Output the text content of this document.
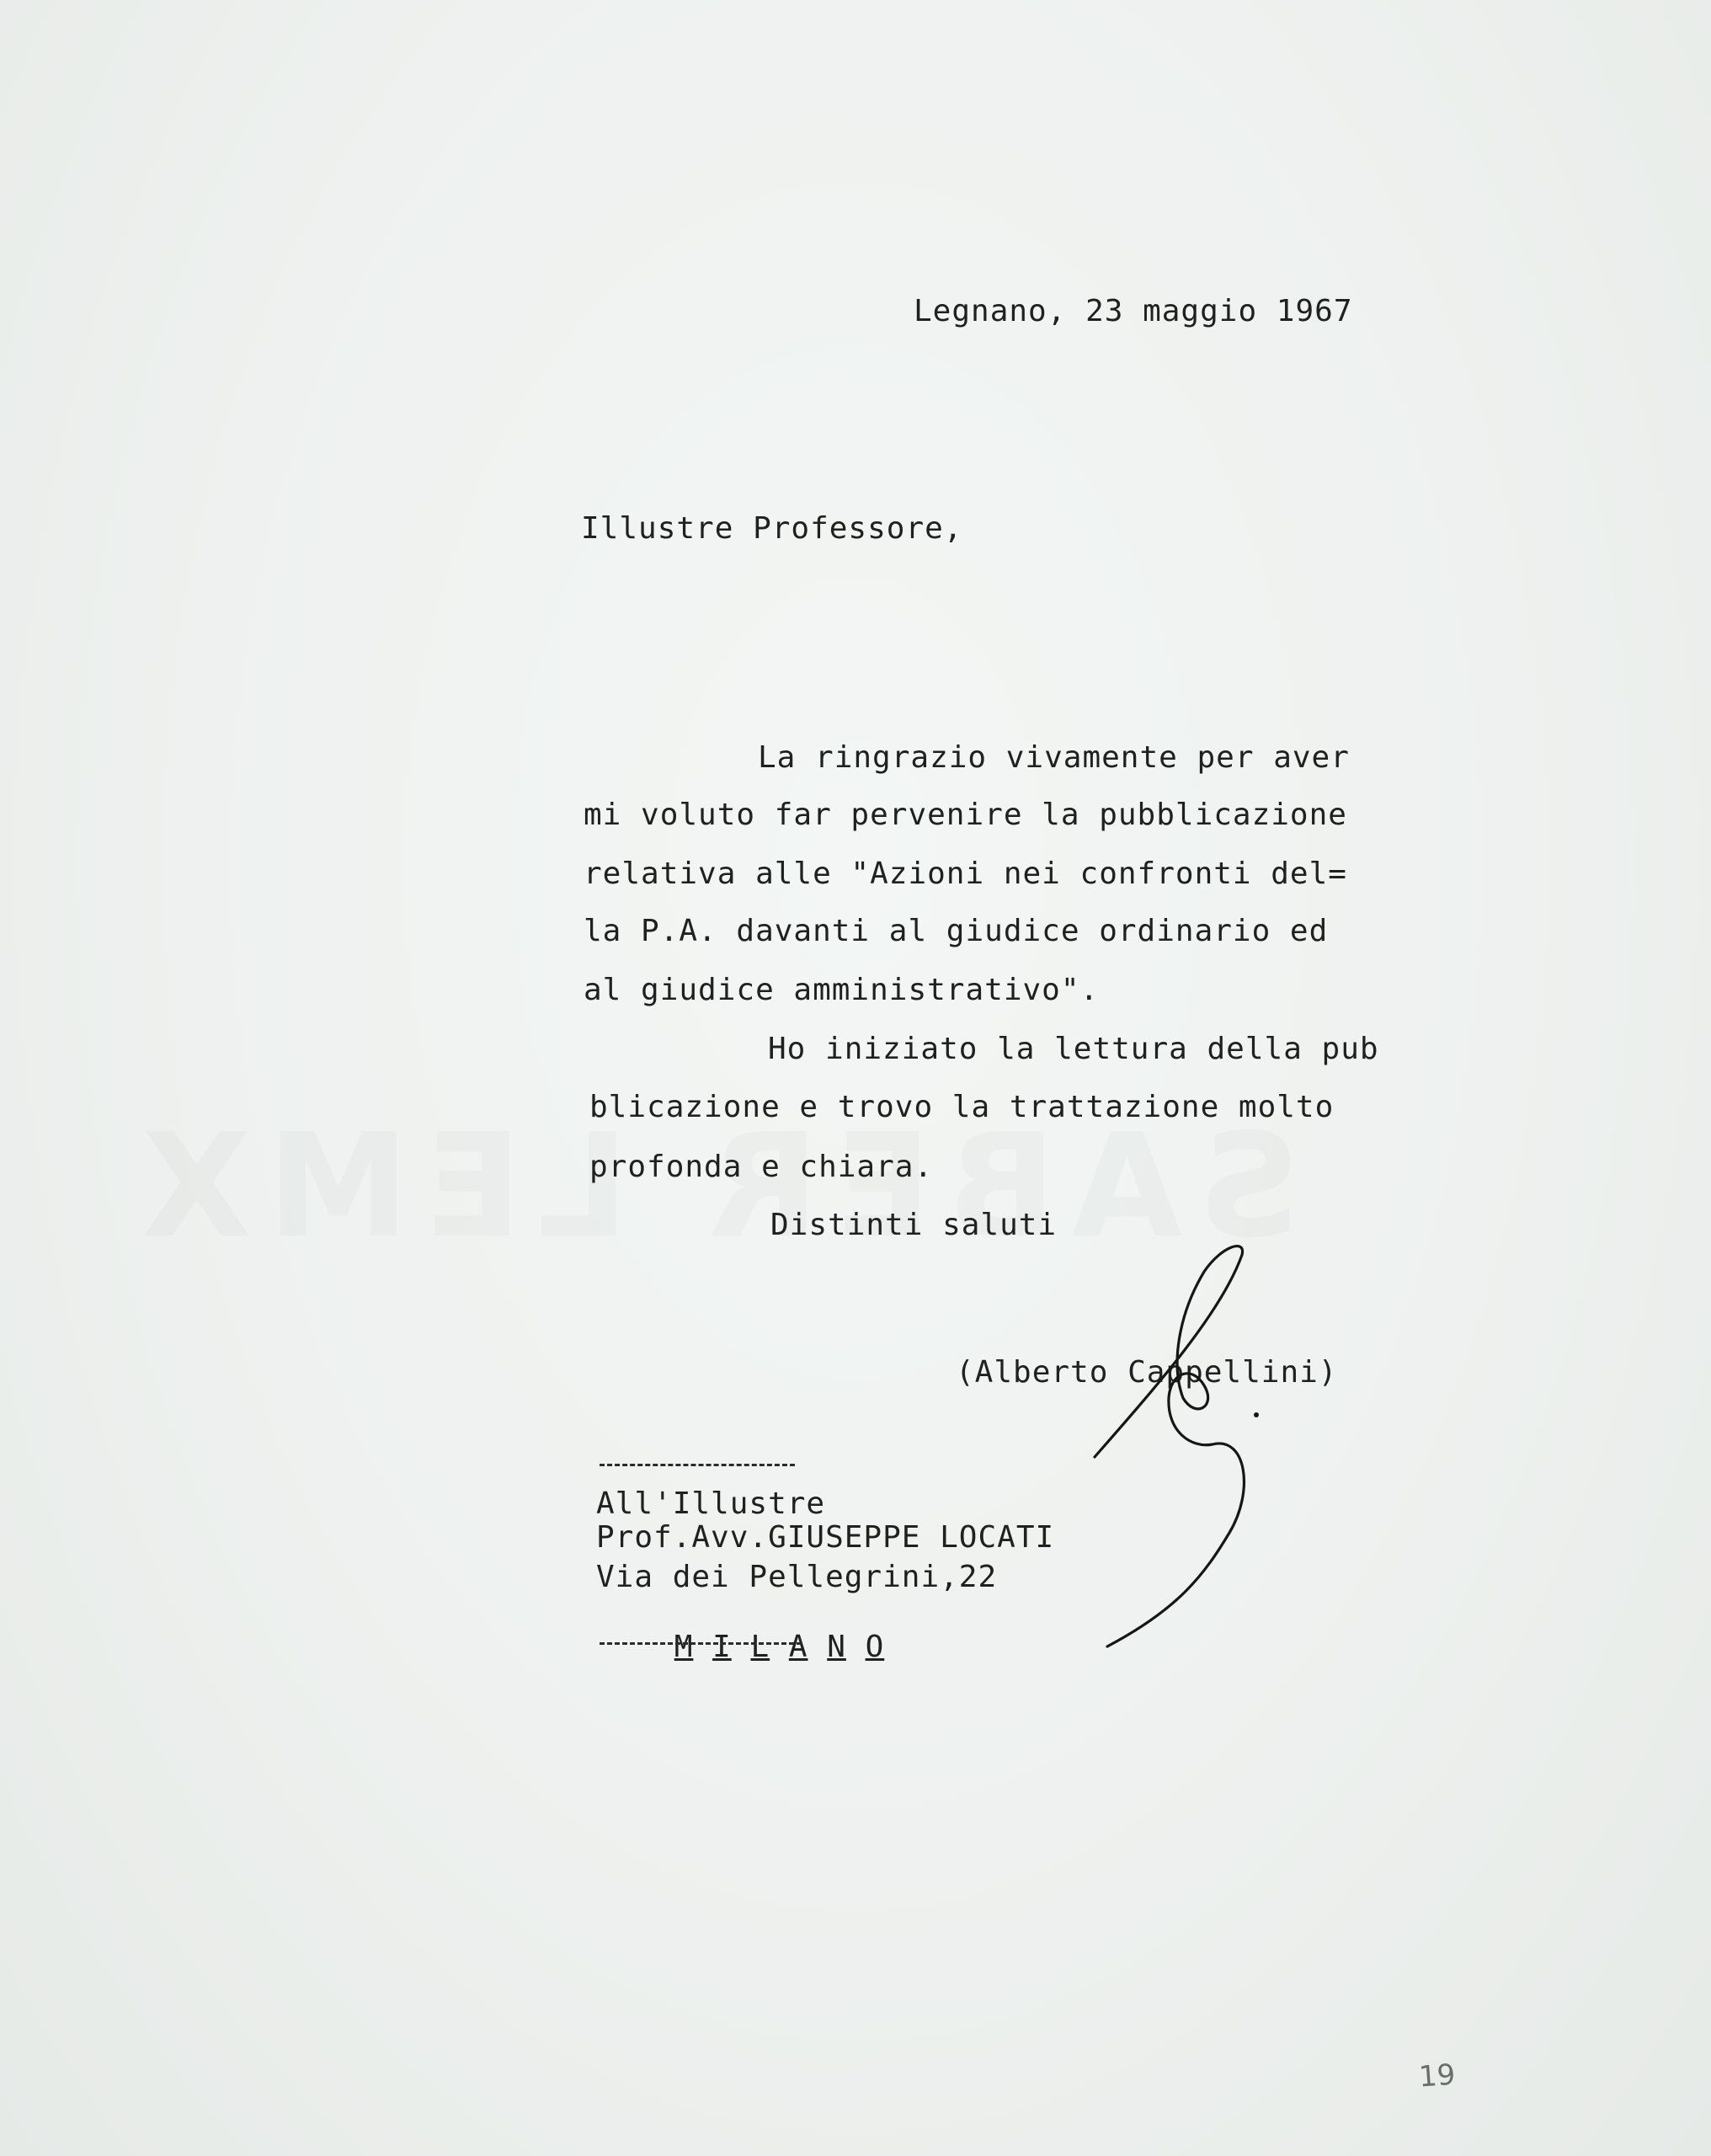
Legnano, 23 maggio 1967
Illustre Professore,
La ringrazio vivamente per aver
mi voluto far pervenire la pubblicazione
relativa alle "Azioni nei confronti del=
la P.A. davanti al giudice ordinario ed
al giudice amministrativo".
Ho iniziato la lettura della pub
blicazione e trovo la trattazione molto
profonda e chiara.
Distinti saluti
(Alberto Cappellini)
All'Illustre
Prof.Avv.GIUSEPPE LOCATI
Via dei Pellegrini,22

M I L A N O

19
